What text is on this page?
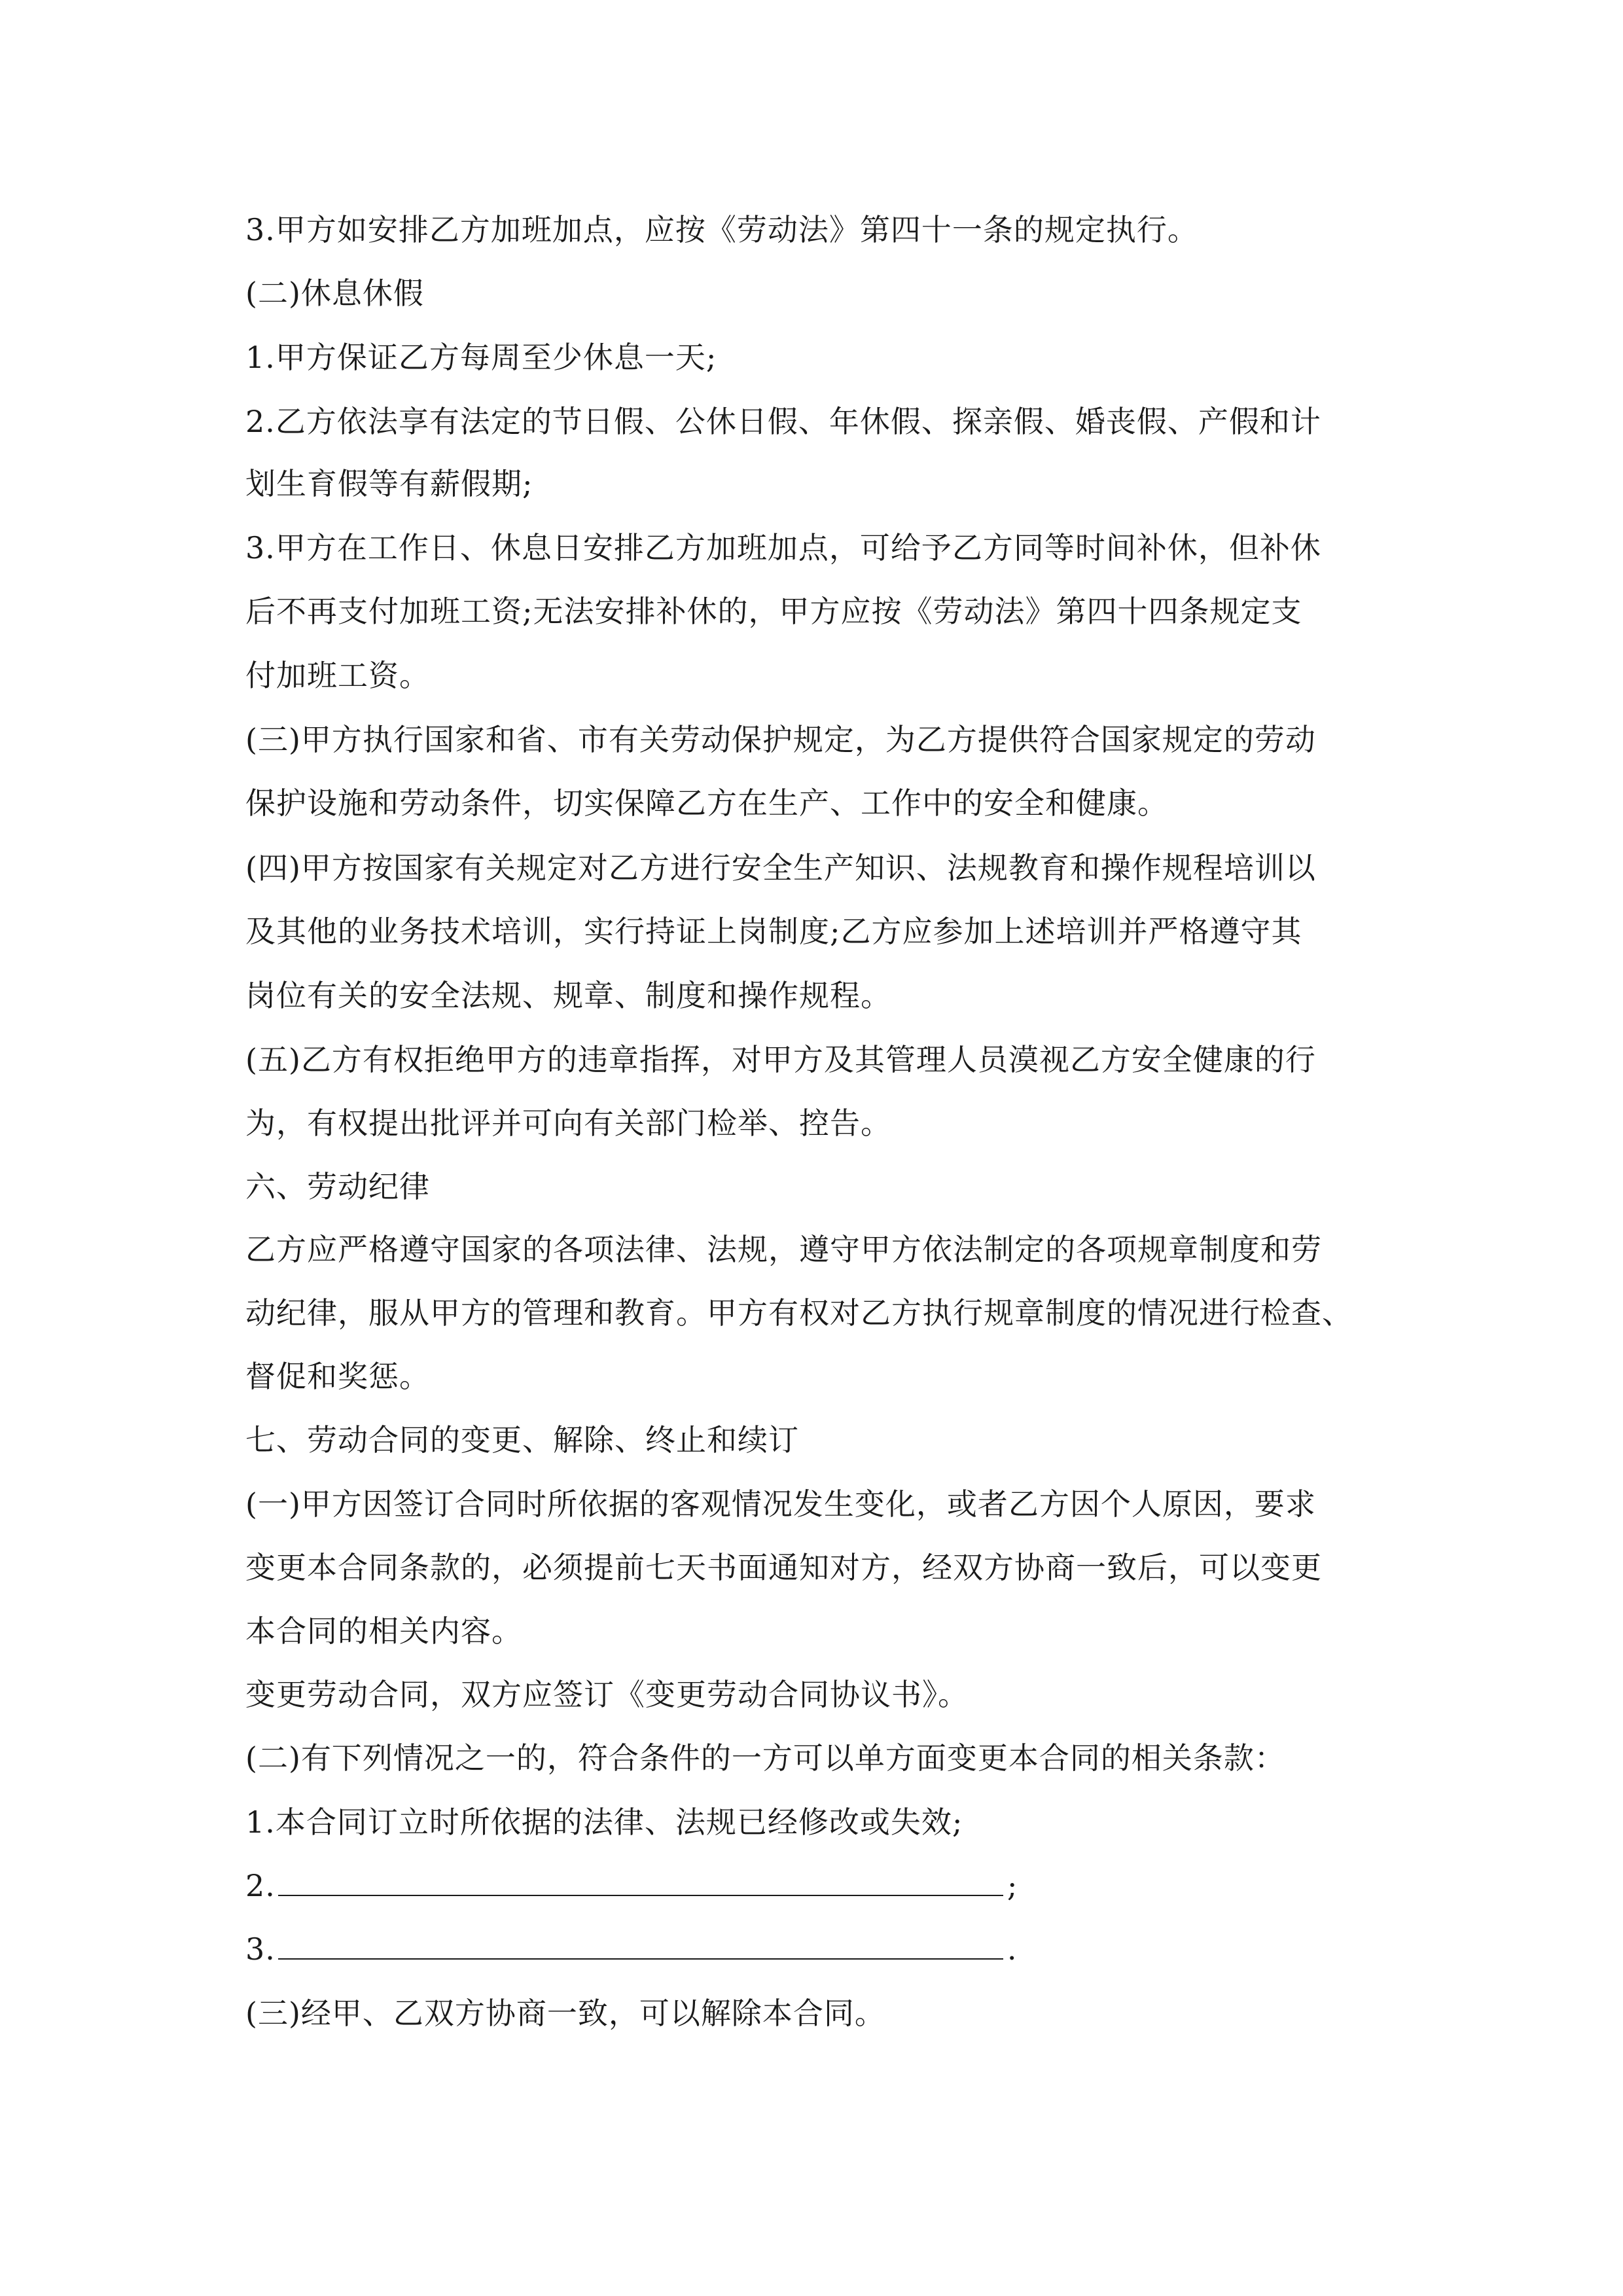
3.甲方如安排乙方加班加点，应按《劳动法》第四十一条的规定执行。
(二)休息休假
1.甲方保证乙方每周至少休息一天;
2.乙方依法享有法定的节日假、公休日假、年休假、探亲假、婚丧假、产假和计
划生育假等有薪假期;
3.甲方在工作日、休息日安排乙方加班加点，可给予乙方同等时间补休，但补休
后不再支付加班工资;无法安排补休的，甲方应按《劳动法》第四十四条规定支
付加班工资。
(三)甲方执行国家和省、市有关劳动保护规定，为乙方提供符合国家规定的劳动
保护设施和劳动条件，切实保障乙方在生产、工作中的安全和健康。
(四)甲方按国家有关规定对乙方进行安全生产知识、法规教育和操作规程培训以
及其他的业务技术培训，实行持证上岗制度;乙方应参加上述培训并严格遵守其
岗位有关的安全法规、规章、制度和操作规程。
(五)乙方有权拒绝甲方的违章指挥，对甲方及其管理人员漠视乙方安全健康的行
为，有权提出批评并可向有关部门检举、控告。
六、劳动纪律
乙方应严格遵守国家的各项法律、法规，遵守甲方依法制定的各项规章制度和劳
动纪律，服从甲方的管理和教育。甲方有权对乙方执行规章制度的情况进行检查、
督促和奖惩。
七、劳动合同的变更、解除、终止和续订
(一)甲方因签订合同时所依据的客观情况发生变化，或者乙方因个人原因，要求
变更本合同条款的，必须提前七天书面通知对方，经双方协商一致后，可以变更
本合同的相关内容。
变更劳动合同，双方应签订《变更劳动合同协议书》。
(二)有下列情况之一的，符合条件的一方可以单方面变更本合同的相关条款：
1.本合同订立时所依据的法律、法规已经修改或失效;
2.	;
3.	.
(三)经甲、乙双方协商一致，可以解除本合同。
